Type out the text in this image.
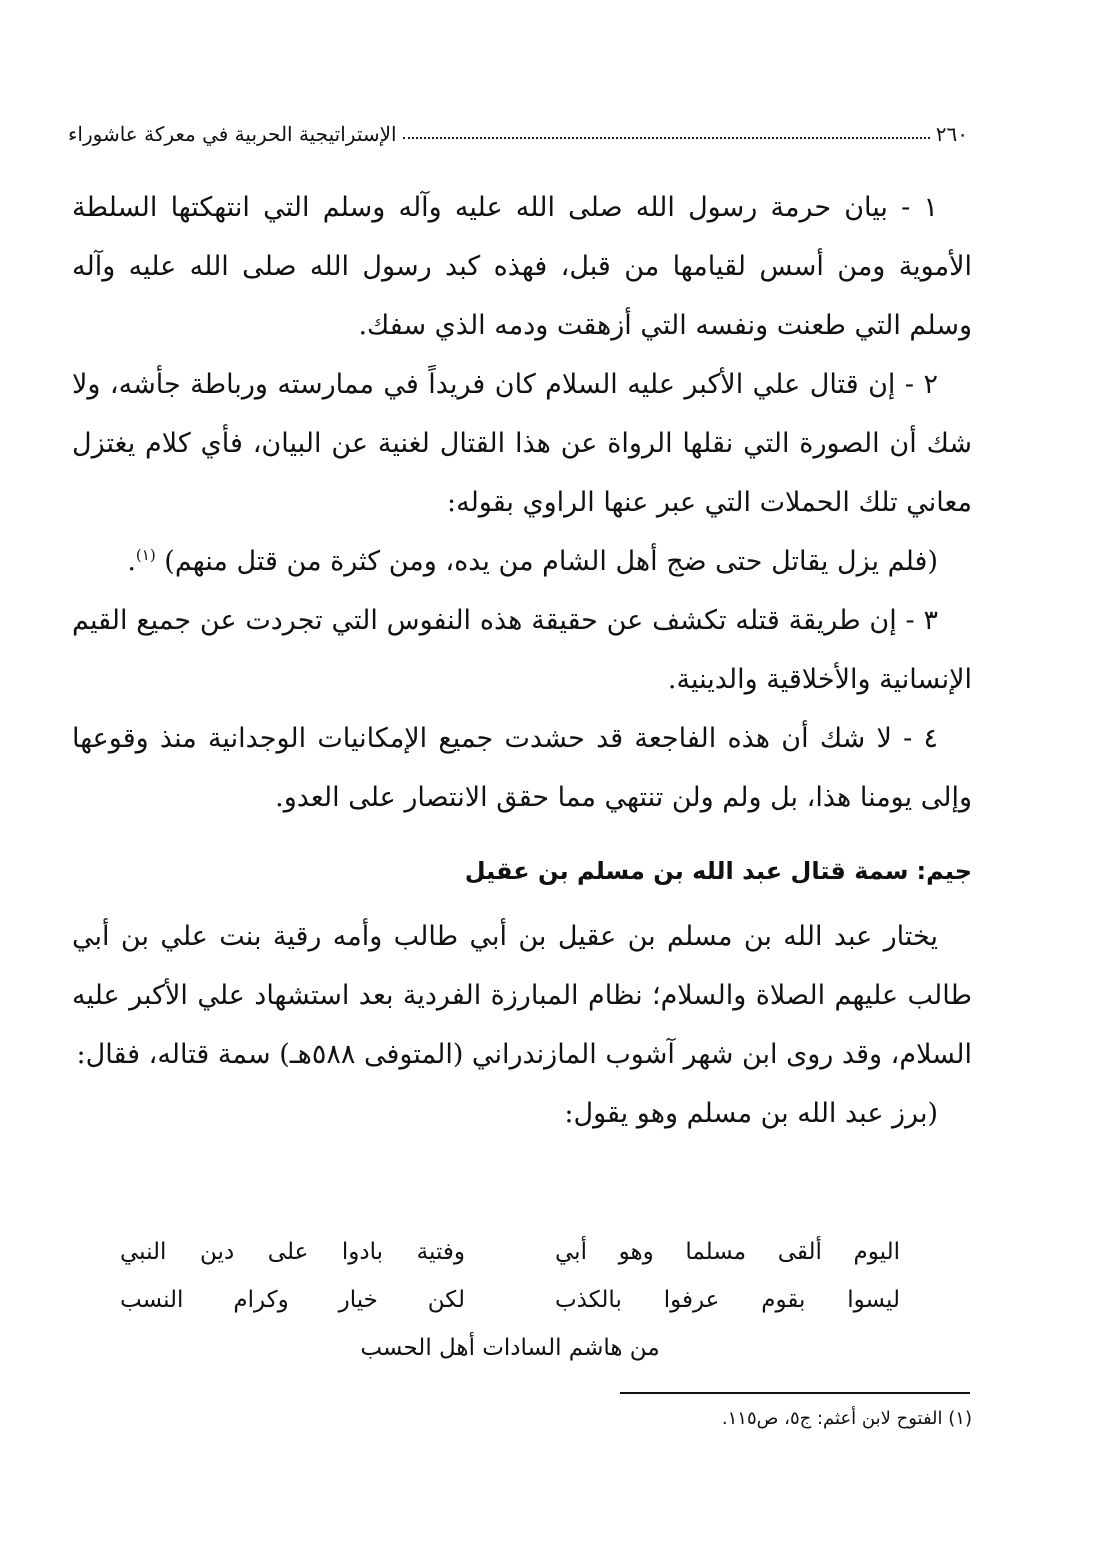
٢٦٠
الإستراتيجية الحربية في معركة عاشوراء

١ - بيان حرمة رسول الله صلى الله عليه وآله وسلم التي انتهكتها السلطة الأموية ومن أسس لقيامها من قبل، فهذه كبد رسول الله صلى الله عليه وآله وسلم التي طعنت ونفسه التي أزهقت ودمه الذي سفك.

٢ - إن قتال علي الأكبر عليه السلام كان فريداً في ممارسته ورباطة جأشه، ولا شك أن الصورة التي نقلها الرواة عن هذا القتال لغنية عن البيان، فأي كلام يغتزل معاني تلك الحملات التي عبر عنها الراوي بقوله:

(فلم يزل يقاتل حتى ضج أهل الشام من يده، ومن كثرة من قتل منهم) $^{(١)}$.

٣ - إن طريقة قتله تكشف عن حقيقة هذه النفوس التي تجردت عن جميع القيم الإنسانية والأخلاقية والدينية.

٤ - لا شك أن هذه الفاجعة قد حشدت جميع الإمكانيات الوجدانية منذ وقوعها وإلى يومنا هذا، بل ولم ولن تنتهي مما حقق الانتصار على العدو.

جيم:سمة قتال عبد الله بن مسلم بن عقيل

يختار عبد الله بن مسلم بن عقيل بن أبي طالب وأمه رقية بنت علي بن أبي طالب عليهم الصلاة والسلام؛ نظام المبارزة الفردية بعد استشهاد علي الأكبر عليه السلام، وقد روى ابن شهر آشوب المازندراني (المتوفى ٥٨٨هـ) سمة قتاله، فقال:

(برز عبد الله بن مسلم وهو يقول:

اليوم ألقى مسلما وهو أبي
وفتية بادوا على دين النبي
ليسوا بقوم عرفوا بالكذب
لكن خيار وكرام النسب
من هاشم السادات أهل الحسب
(١) الفتوح لابن أعثم: ج٥، ص١١٥.
